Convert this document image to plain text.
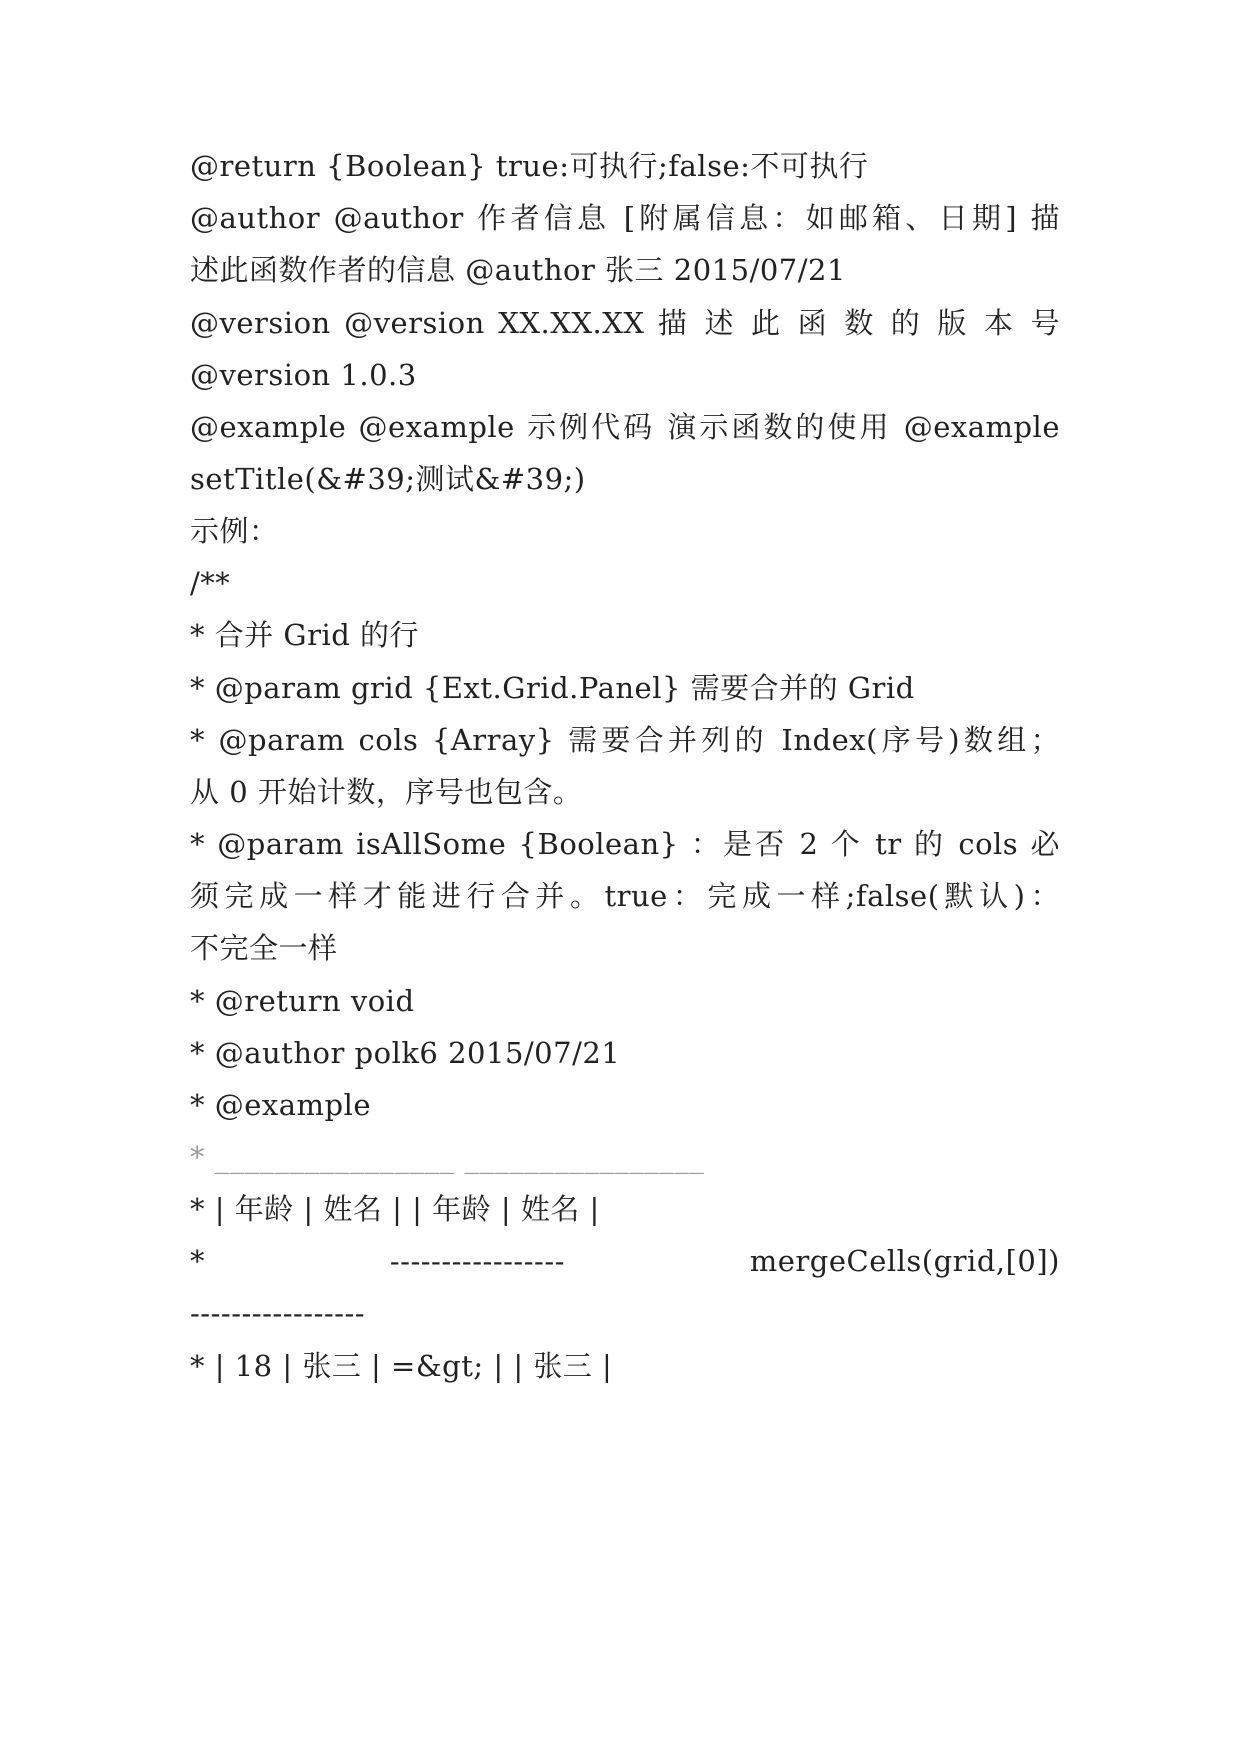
@return {Boolean} true:可执行;false:不可执行
@author @author 作者信息 [附属信息：如邮箱、日期] 描
述此函数作者的信息 @author 张三 2015/07/21
@version @version XX.XX.XX 描 述 此 函 数 的 版 本 号
@version 1.0.3
@example @example 示例代码 演示函数的使用 @example
setTitle(&#39;测试&#39;)
示例：
/**
* 合并 Grid 的行
* @param grid {Ext.Grid.Panel} 需要合并的 Grid
* @param cols {Array} 需要合并列的 Index(序号)数组；
从 0 开始计数，序号也包含。
* @param isAllSome {Boolean} ：是否 2 个 tr 的 cols 必
须完成一样才能进行合并。true：完成一样;false(默认)：
不完全一样
* @return void
* @author polk6 2015/07/21
* @example
* ________________ ________________
* | 年龄 | 姓名 | | 年龄 | 姓名 |
* ----------------- mergeCells(grid,[0])
-----------------
* | 18 | 张三 | =&gt; | | 张三 |
